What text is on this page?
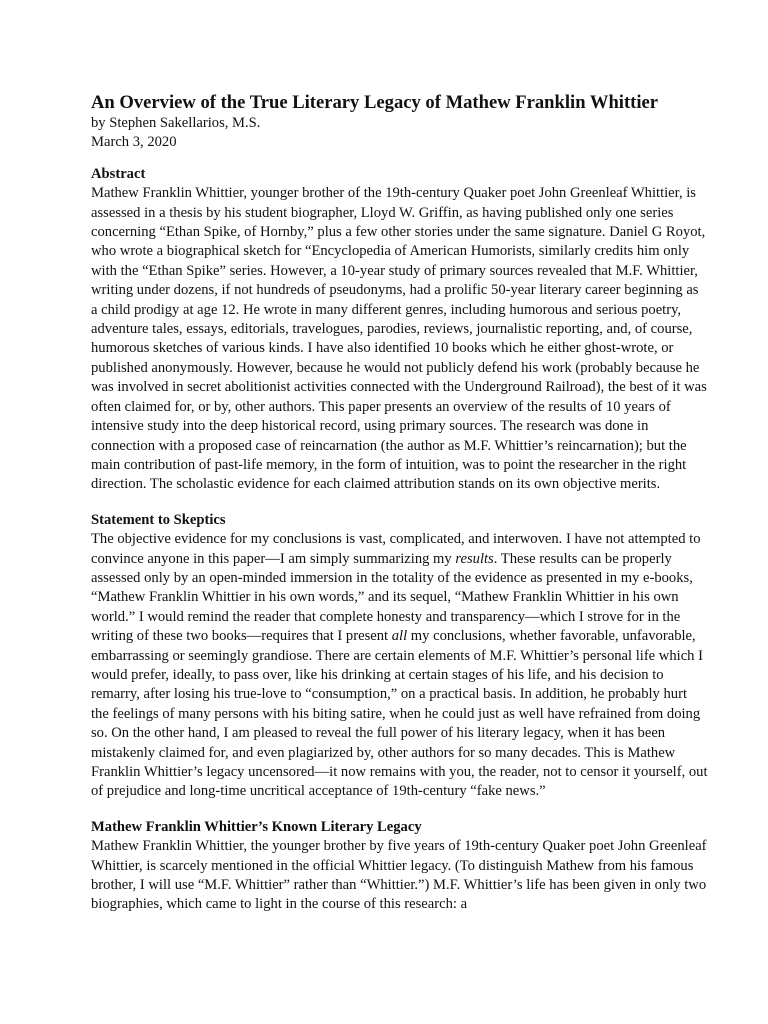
An Overview of the True Literary Legacy of Mathew Franklin Whittier

by Stephen Sakellarios, M.S.

March 3, 2020

Abstract

Mathew Franklin Whittier, younger brother of the 19th-century Quaker poet John Greenleaf Whittier, is assessed in a thesis by his student biographer, Lloyd W. Griffin, as having published only one series concerning “Ethan Spike, of Hornby,” plus a few other stories under the same signature. Daniel G Royot, who wrote a biographical sketch for “Encyclopedia of American Humorists, similarly credits him only with the “Ethan Spike” series. However, a 10-year study of primary sources revealed that M.F. Whittier, writing under dozens, if not hundreds of pseudonyms, had a prolific 50-year literary career beginning as a child prodigy at age 12. He wrote in many different genres, including humorous and serious poetry, adventure tales, essays, editorials, travelogues, parodies, reviews, journalistic reporting, and, of course, humorous sketches of various kinds. I have also identified 10 books which he either ghost-wrote, or published anonymously. However, because he would not publicly defend his work (probably because he was involved in secret abolitionist activities connected with the Underground Railroad), the best of it was often claimed for, or by, other authors. This paper presents an overview of the results of 10 years of intensive study into the deep historical record, using primary sources. The research was done in connection with a proposed case of reincarnation (the author as M.F. Whittier’s reincarnation); but the main contribution of past-life memory, in the form of intuition, was to point the researcher in the right direction. The scholastic evidence for each claimed attribution stands on its own objective merits.

Statement to Skeptics

The objective evidence for my conclusions is vast, complicated, and interwoven. I have not attempted to convince anyone in this paper—I am simply summarizing my results. These results can be properly assessed only by an open-minded immersion in the totality of the evidence as presented in my e-books, “Mathew Franklin Whittier in his own words,” and its sequel, “Mathew Franklin Whittier in his own world.” I would remind the reader that complete honesty and transparency—which I strove for in the writing of these two books—requires that I present all my conclusions, whether favorable, unfavorable, embarrassing or seemingly grandiose. There are certain elements of M.F. Whittier’s personal life which I would prefer, ideally, to pass over, like his drinking at certain stages of his life, and his decision to remarry, after losing his true-love to “consumption,” on a practical basis. In addition, he probably hurt the feelings of many persons with his biting satire, when he could just as well have refrained from doing so. On the other hand, I am pleased to reveal the full power of his literary legacy, when it has been mistakenly claimed for, and even plagiarized by, other authors for so many decades. This is Mathew Franklin Whittier’s legacy uncensored—it now remains with you, the reader, not to censor it yourself, out of prejudice and long-time uncritical acceptance of 19th-century “fake news.”

Mathew Franklin Whittier’s Known Literary Legacy

Mathew Franklin Whittier, the younger brother by five years of 19th-century Quaker poet John Greenleaf Whittier, is scarcely mentioned in the official Whittier legacy. (To distinguish Mathew from his famous brother, I will use “M.F. Whittier” rather than “Whittier.”) M.F. Whittier’s life has been given in only two biographies, which came to light in the course of this research: a
